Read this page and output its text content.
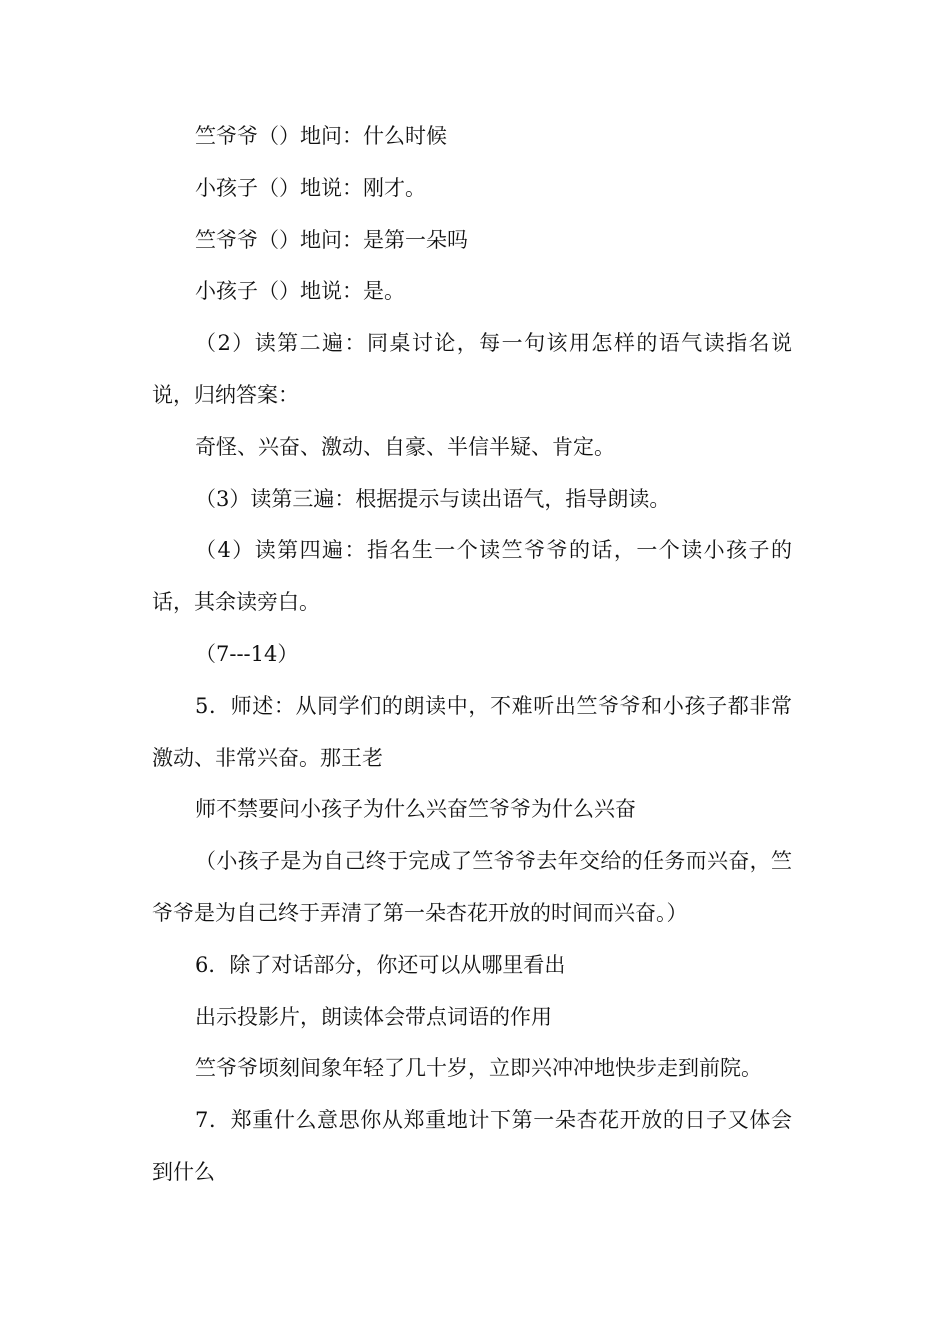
竺爷爷（）地问：什么时候

小孩子（）地说：刚才。

竺爷爷（）地问：是第一朵吗

小孩子（）地说：是。

（2）读第二遍：同桌讨论，每一句该用怎样的语气读指名说说，归纳答案：

奇怪、兴奋、激动、自豪、半信半疑、肯定。

（3）读第三遍：根据提示与读出语气，指导朗读。

（4）读第四遍：指名生一个读竺爷爷的话，一个读小孩子的话，其余读旁白。

（7---14）

5．师述：从同学们的朗读中，不难听出竺爷爷和小孩子都非常激动、非常兴奋。那王老

师不禁要问小孩子为什么兴奋竺爷爷为什么兴奋

（小孩子是为自己终于完成了竺爷爷去年交给的任务而兴奋，竺爷爷是为自己终于弄清了第一朵杏花开放的时间而兴奋。）

6．除了对话部分，你还可以从哪里看出

出示投影片，朗读体会带点词语的作用

竺爷爷顷刻间象年轻了几十岁，立即兴冲冲地快步走到前院。

7．郑重什么意思你从郑重地计下第一朵杏花开放的日子又体会到什么
